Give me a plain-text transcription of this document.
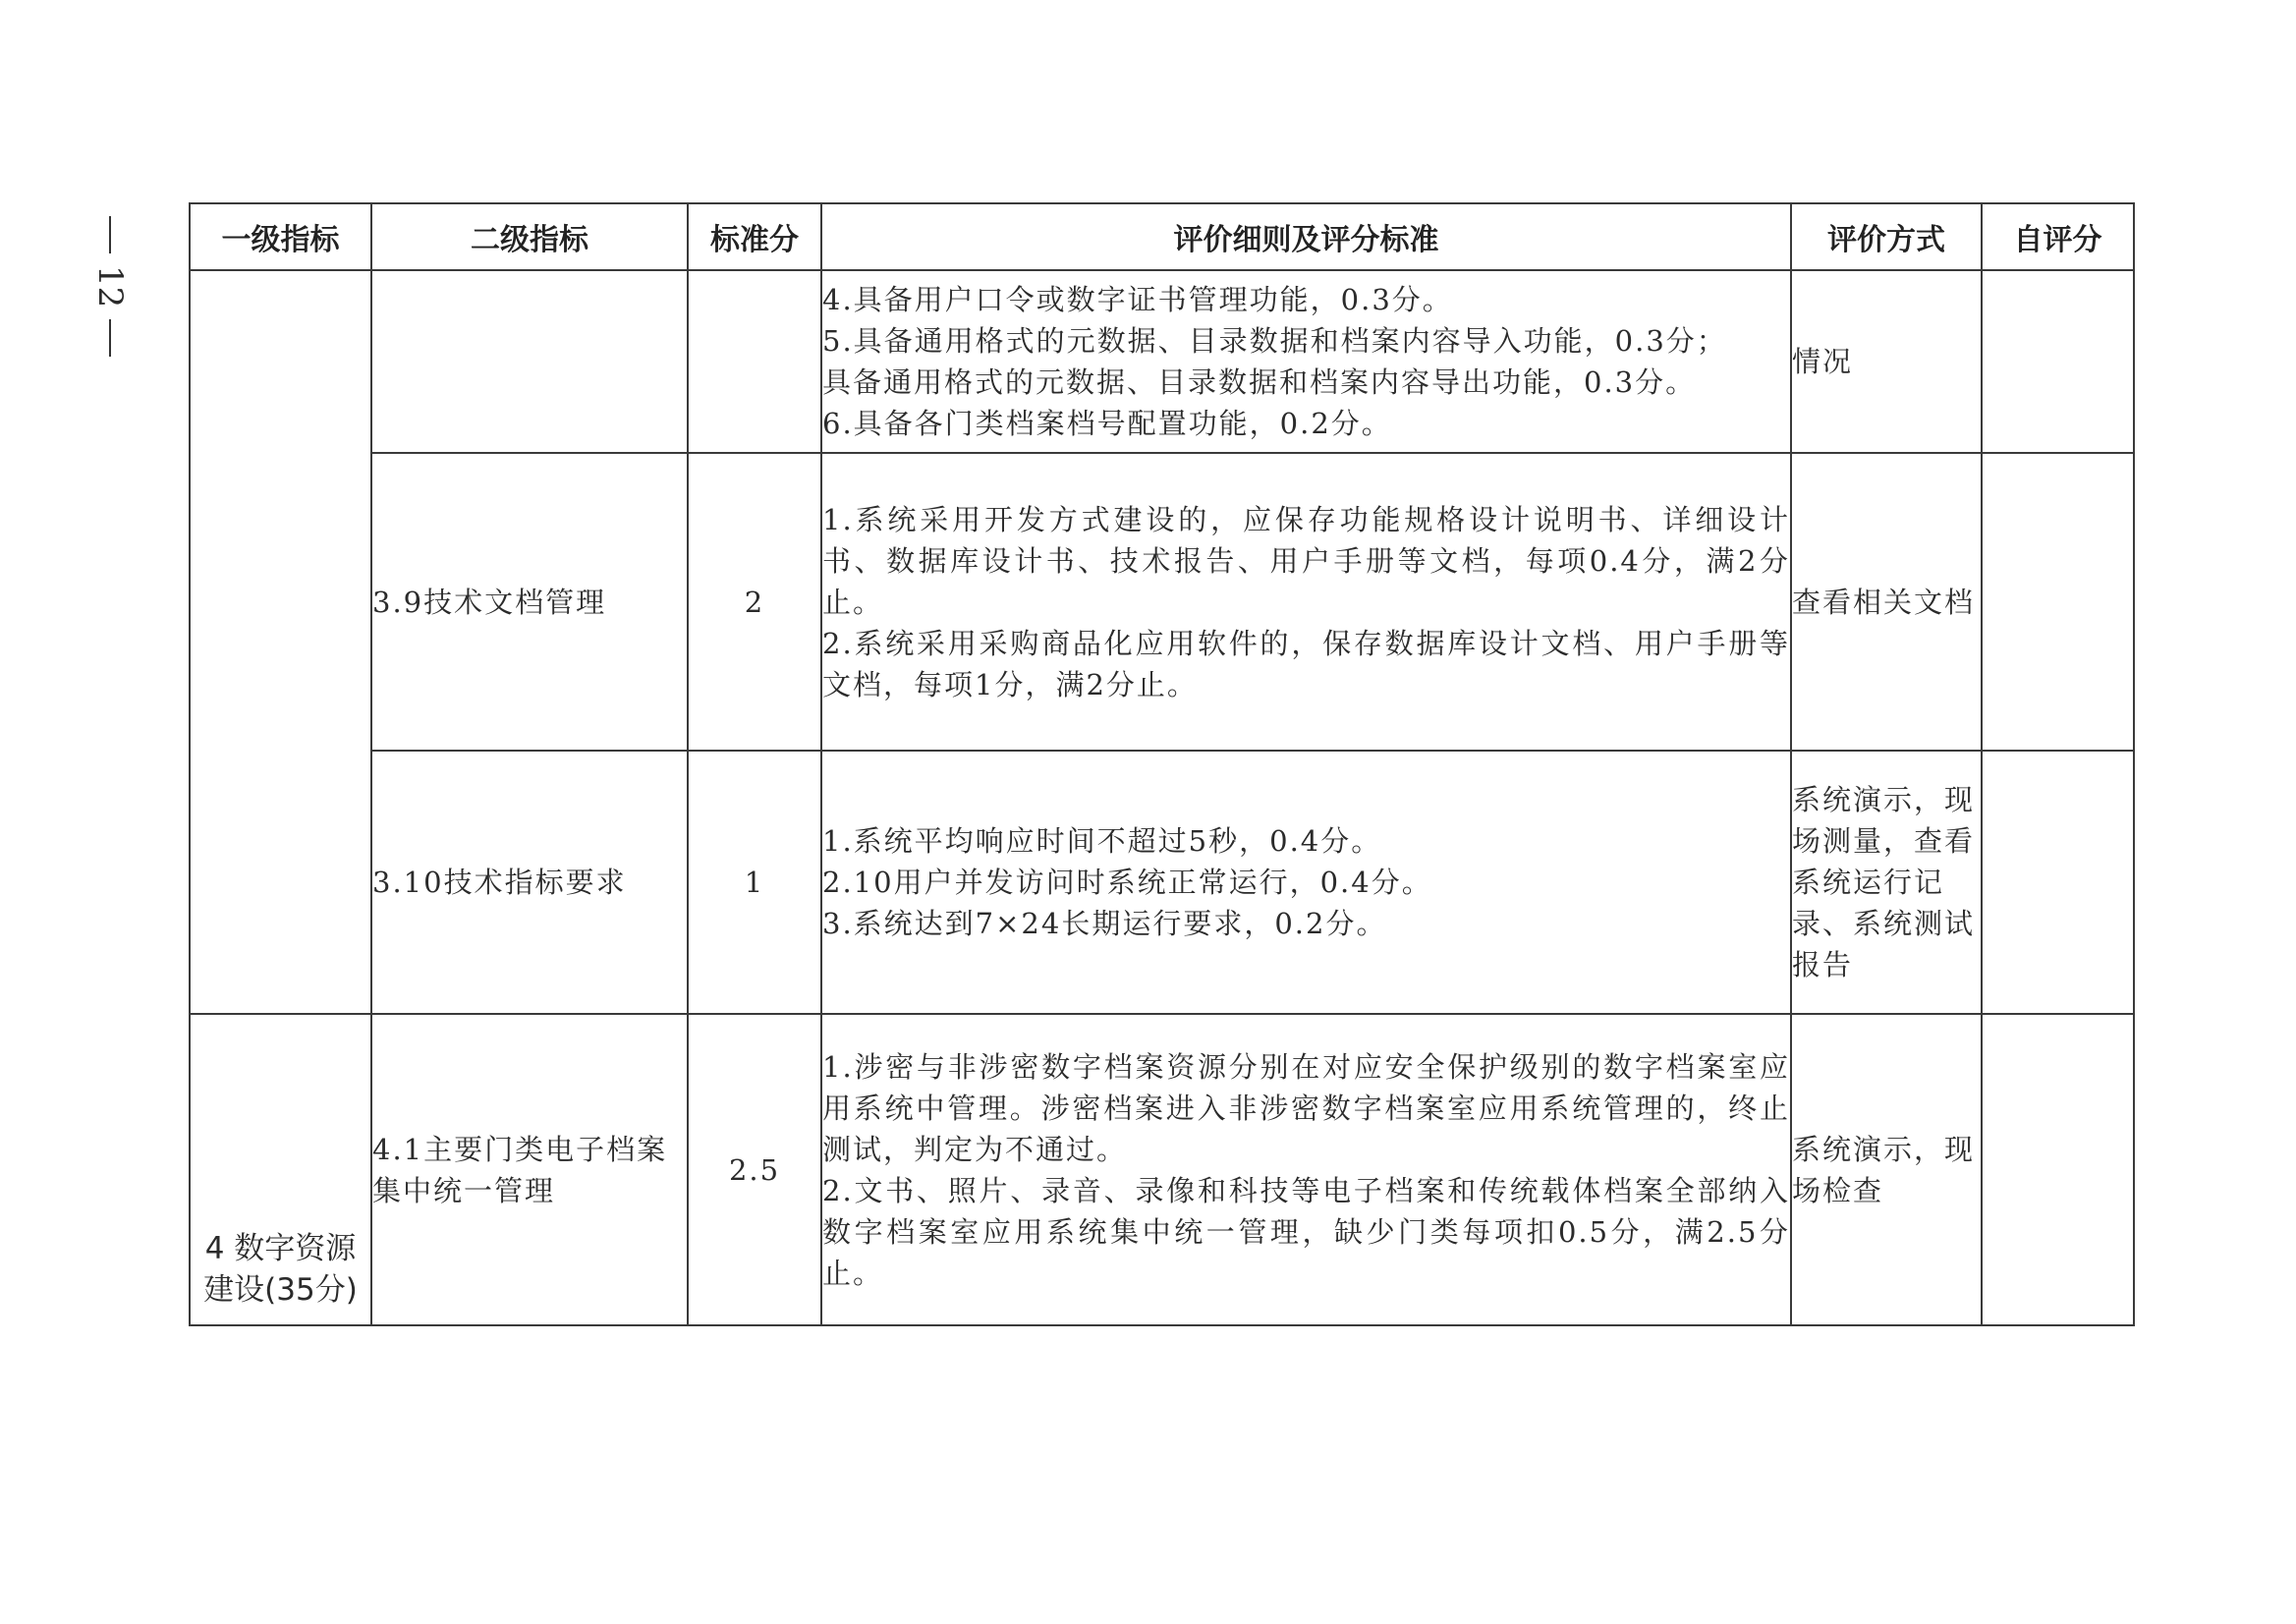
12
一级指标	二级指标	标准分	评价细则及评分标准	评价方式	自评分

			4.具备用户口令或数字证书管理功能，0.3分。
5.具备通用格式的元数据、目录数据和档案内容导入功能，0.3分；
具备通用格式的元数据、目录数据和档案内容导出功能，0.3分。
6.具备各门类档案档号配置功能，0.2分。	情况	
	3.9技术文档管理	2	1.系统采用开发方式建设的，应保存功能规格设计说明书、详细设计书、数据库设计书、技术报告、用户手册等文档，每项0.4分，满2分止。
2.系统采用采购商品化应用软件的，保存数据库设计文档、用户手册等文档，每项1分，满2分止。	查看相关文档	
	3.10技术指标要求	1	1.系统平均响应时间不超过5秒，0.4分。
2.10用户并发访问时系统正常运行，0.4分。
3.系统达到7×24长期运行要求，0.2分。	系统演示，现场测量，查看系统运行记录、系统测试报告	
4 数字资源建设(35分)	4.1主要门类电子档案集中统一管理	2.5	1.涉密与非涉密数字档案资源分别在对应安全保护级别的数字档案室应用系统中管理。涉密档案进入非涉密数字档案室应用系统管理的，终止测试，判定为不通过。
2.文书、照片、录音、录像和科技等电子档案和传统载体档案全部纳入数字档案室应用系统集中统一管理，缺少门类每项扣0.5分，满2.5分止。	系统演示，现场检查	
